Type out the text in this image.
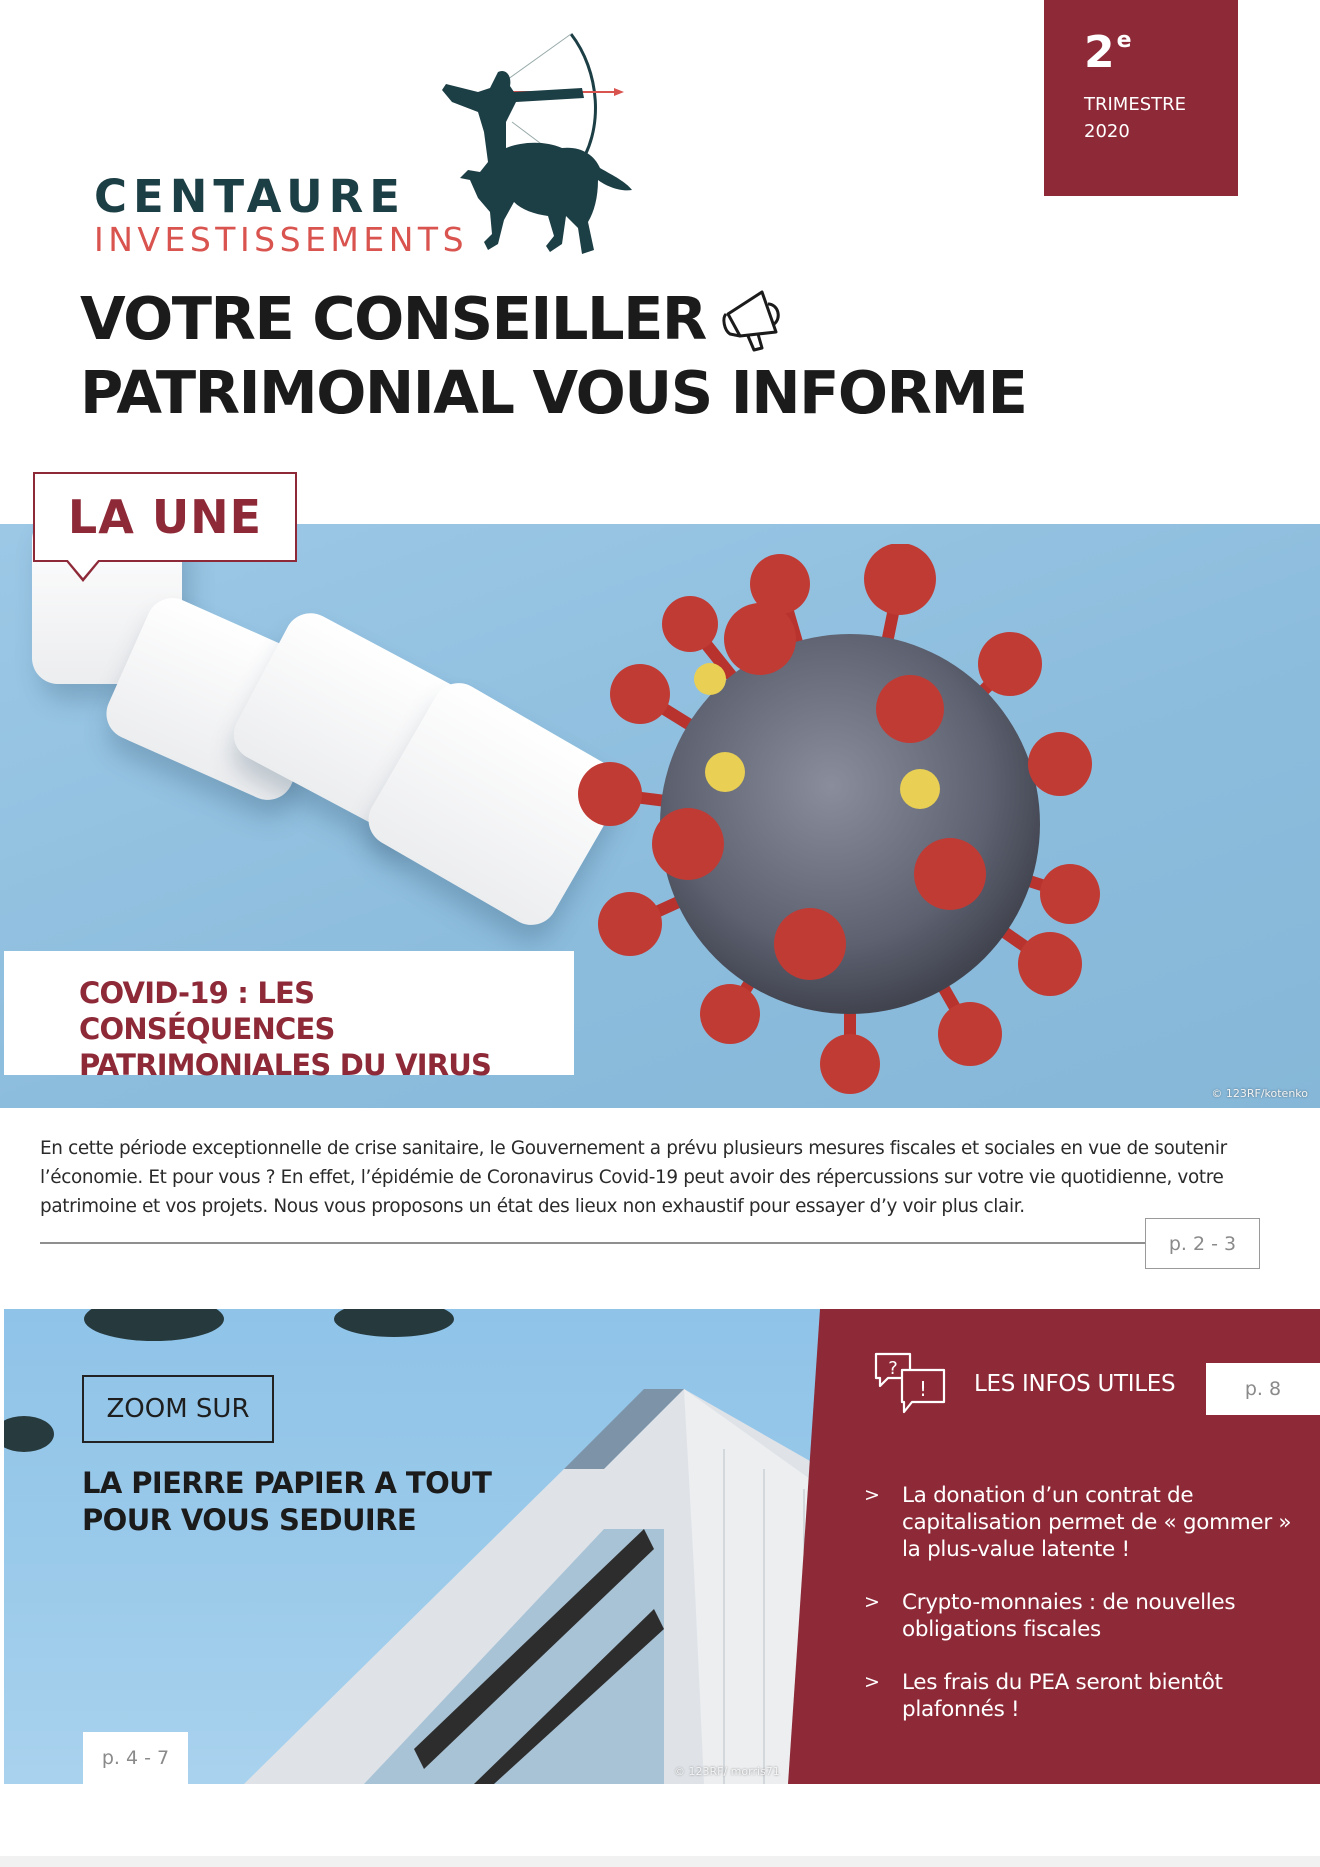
2e
TRIMESTRE
2020
CENTAURE
INVESTISSEMENTS
VOTRE CONSEILLER
PATRIMONIAL VOUS INFORME
© 123RF/kotenko
LA UNE
COVID-19 : LES CONSÉQUENCES
PATRIMONIALES DU VIRUS

En cette période exceptionnelle de crise sanitaire, le Gouvernement a prévu plusieurs mesures fiscales et sociales en vue de soutenir l’économie. Et pour vous ? En effet, l’épidémie de Coronavirus Covid-19 peut avoir des répercussions sur votre vie quotidienne, votre patrimoine et vos projets. Nous vous proposons un état des lieux non exhaustif pour essayer d’y voir plus clair.

p. 2 - 3
ZOOM SUR
LA PIERRE PAPIER A TOUT
POUR VOUS SEDUIRE
© 123RF/ morris71
p. 4 - 7
?
! LES INFOS UTILES	p. 8
>	La donation d’un contrat de capitalisation permet de « gommer » la plus-value latente !
>	Crypto-monnaies : de nouvelles obligations fiscales
>	Les frais du PEA seront bientôt plafonnés !
